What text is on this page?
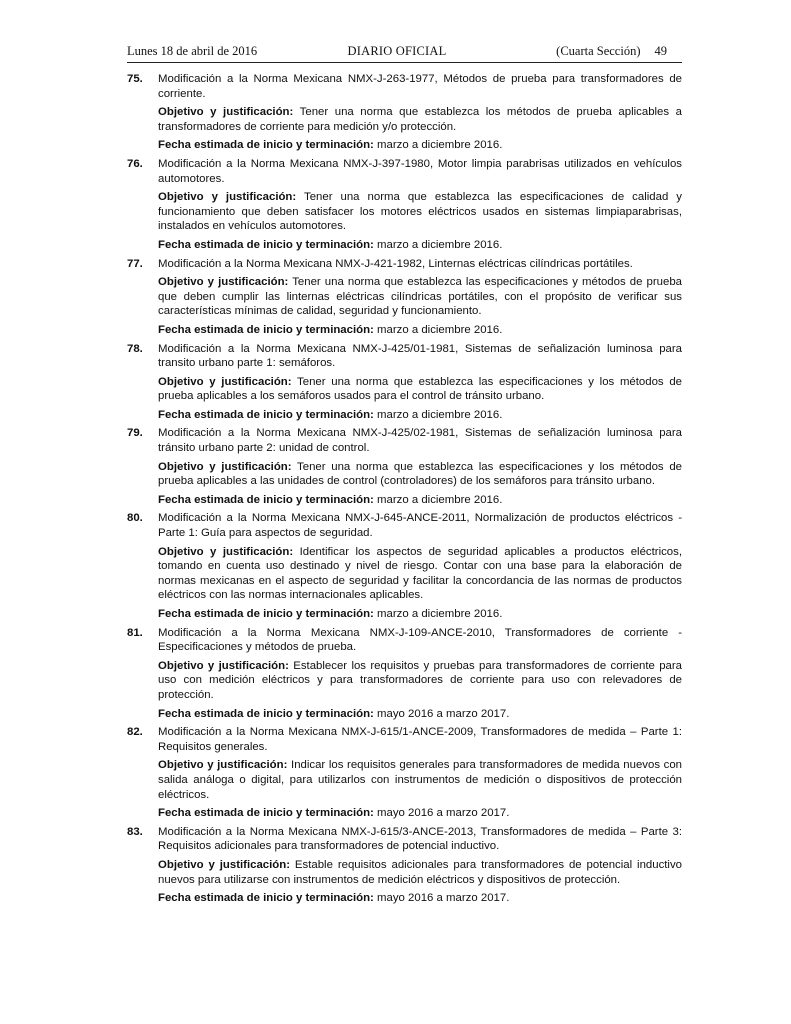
Lunes 18 de abril de 2016	DIARIO OFICIAL	(Cuarta Sección) 49
75. Modificación a la Norma Mexicana NMX-J-263-1977, Métodos de prueba para transformadores de corriente.

Objetivo y justificación: Tener una norma que establezca los métodos de prueba aplicables a transformadores de corriente para medición y/o protección.

Fecha estimada de inicio y terminación: marzo a diciembre 2016.

76. Modificación a la Norma Mexicana NMX-J-397-1980, Motor limpia parabrisas utilizados en vehículos automotores.

Objetivo y justificación: Tener una norma que establezca las especificaciones de calidad y funcionamiento que deben satisfacer los motores eléctricos usados en sistemas limpiaparabrisas, instalados en vehículos automotores.

Fecha estimada de inicio y terminación: marzo a diciembre 2016.

77. Modificación a la Norma Mexicana NMX-J-421-1982, Linternas eléctricas cilíndricas portátiles.

Objetivo y justificación: Tener una norma que establezca las especificaciones y métodos de prueba que deben cumplir las linternas eléctricas cilíndricas portátiles, con el propósito de verificar sus características mínimas de calidad, seguridad y funcionamiento.

Fecha estimada de inicio y terminación: marzo a diciembre 2016.

78. Modificación a la Norma Mexicana NMX-J-425/01-1981, Sistemas de señalización luminosa para transito urbano parte 1: semáforos.

Objetivo y justificación: Tener una norma que establezca las especificaciones y los métodos de prueba aplicables a los semáforos usados para el control de tránsito urbano.

Fecha estimada de inicio y terminación: marzo a diciembre 2016.

79. Modificación a la Norma Mexicana NMX-J-425/02-1981, Sistemas de señalización luminosa para tránsito urbano parte 2: unidad de control.

Objetivo y justificación: Tener una norma que establezca las especificaciones y los métodos de prueba aplicables a las unidades de control (controladores) de los semáforos para tránsito urbano.

Fecha estimada de inicio y terminación: marzo a diciembre 2016.

80. Modificación a la Norma Mexicana NMX-J-645-ANCE-2011, Normalización de productos eléctricos - Parte 1: Guía para aspectos de seguridad.

Objetivo y justificación: Identificar los aspectos de seguridad aplicables a productos eléctricos, tomando en cuenta uso destinado y nivel de riesgo. Contar con una base para la elaboración de normas mexicanas en el aspecto de seguridad y facilitar la concordancia de las normas de productos eléctricos con las normas internacionales aplicables.

Fecha estimada de inicio y terminación: marzo a diciembre 2016.

81. Modificación a la Norma Mexicana NMX-J-109-ANCE-2010, Transformadores de corriente - Especificaciones y métodos de prueba.

Objetivo y justificación: Establecer los requisitos y pruebas para transformadores de corriente para uso con medición eléctricos y para transformadores de corriente para uso con relevadores de protección.

Fecha estimada de inicio y terminación: mayo 2016 a marzo 2017.

82. Modificación a la Norma Mexicana NMX-J-615/1-ANCE-2009, Transformadores de medida – Parte 1: Requisitos generales.

Objetivo y justificación: Indicar los requisitos generales para transformadores de medida nuevos con salida análoga o digital, para utilizarlos con instrumentos de medición o dispositivos de protección eléctricos.

Fecha estimada de inicio y terminación: mayo 2016 a marzo 2017.

83. Modificación a la Norma Mexicana NMX-J-615/3-ANCE-2013, Transformadores de medida – Parte 3: Requisitos adicionales para transformadores de potencial inductivo.

Objetivo y justificación: Estable requisitos adicionales para transformadores de potencial inductivo nuevos para utilizarse con instrumentos de medición eléctricos y dispositivos de protección.

Fecha estimada de inicio y terminación: mayo 2016 a marzo 2017.
